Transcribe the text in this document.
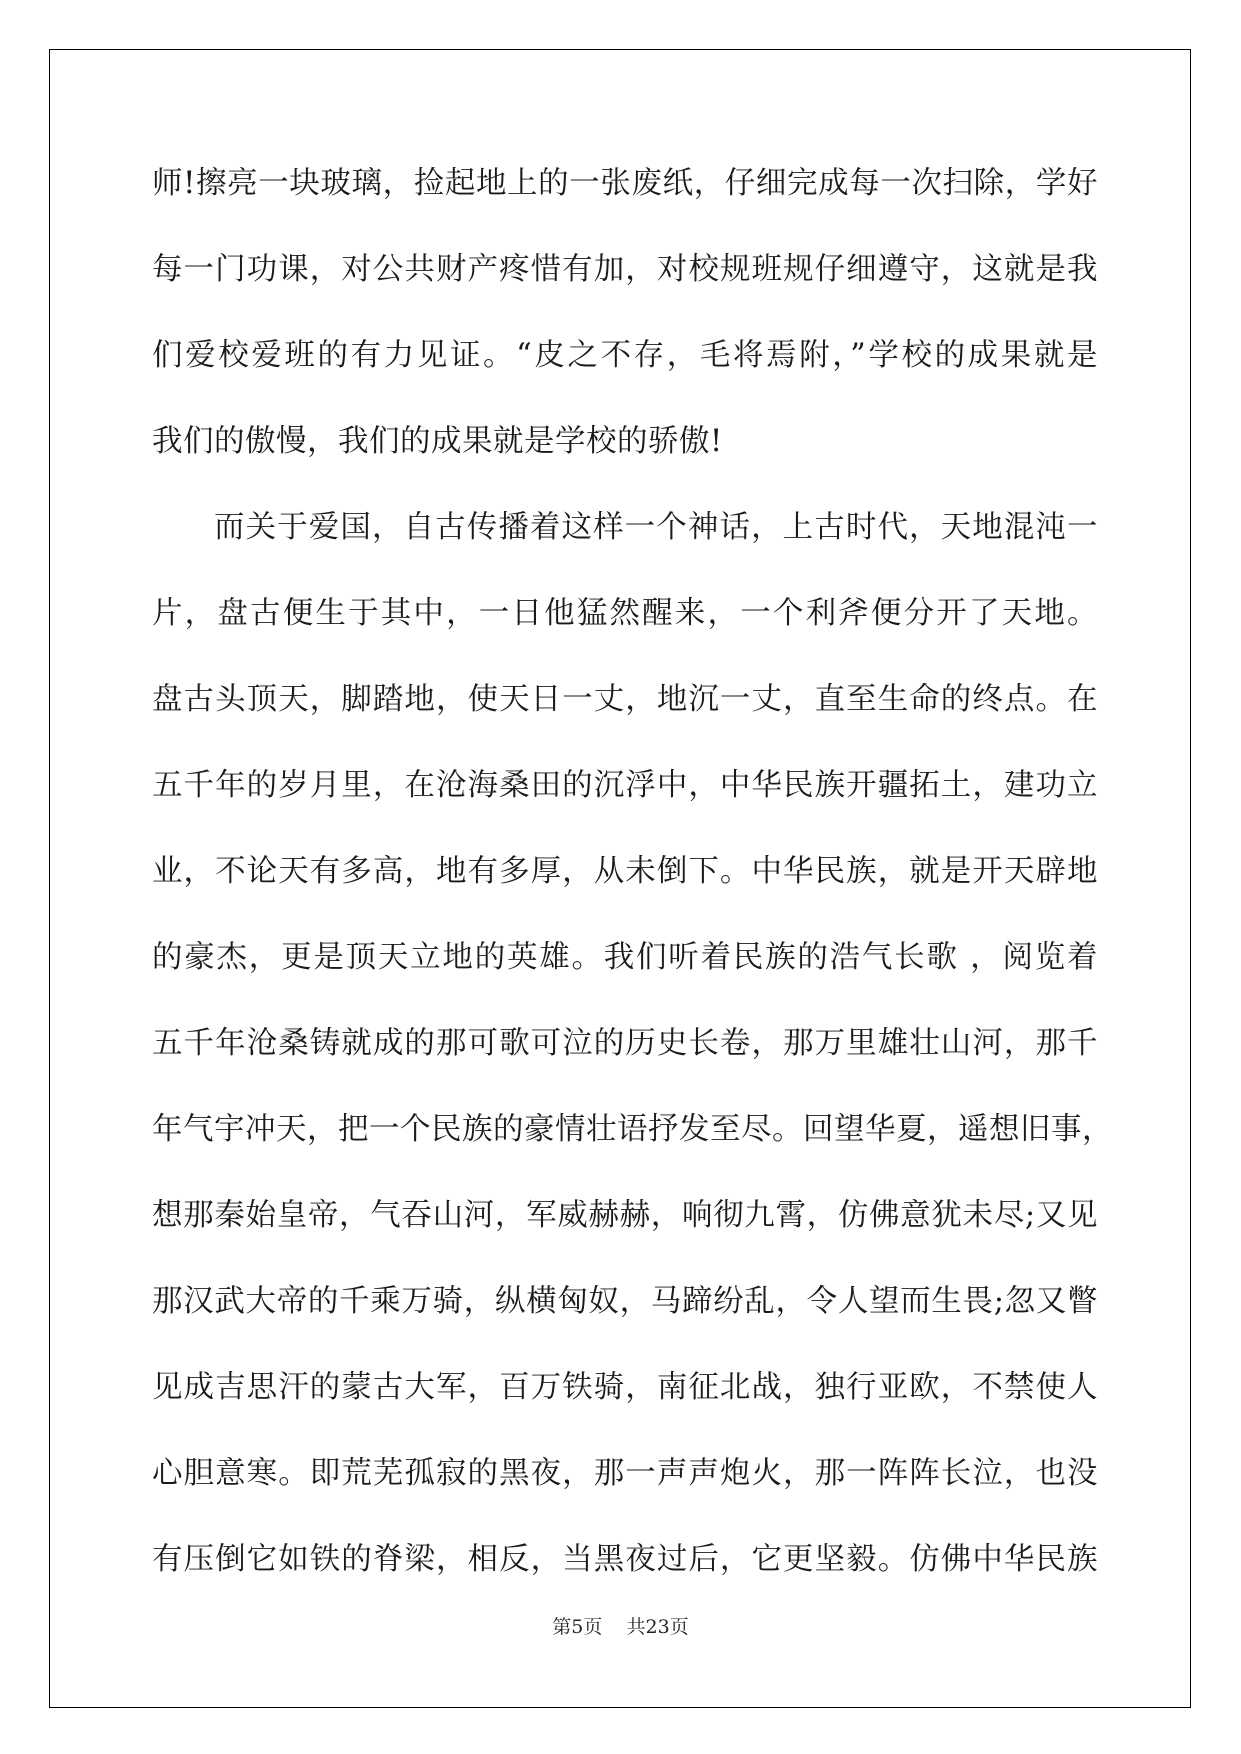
师!擦亮一块玻璃，捡起地上的一张废纸，仔细完成每一次扫除，学好
每一门功课，对公共财产疼惜有加，对校规班规仔细遵守，这就是我
们爱校爱班的有力见证。“皮之不存，毛将焉附，”学校的成果就是
我们的傲慢，我们的成果就是学校的骄傲!
而关于爱国，自古传播着这样一个神话，上古时代，天地混沌一
片，盘古便生于其中，一日他猛然醒来，一个利斧便分开了天地。
盘古头顶天，脚踏地，使天日一丈，地沉一丈，直至生命的终点。在
五千年的岁月里，在沧海桑田的沉浮中，中华民族开疆拓土，建功立
业，不论天有多高，地有多厚，从未倒下。中华民族，就是开天辟地
的豪杰，更是顶天立地的英雄。我们听着民族的浩气长歌 ，阅览着
五千年沧桑铸就成的那可歌可泣的历史长卷，那万里雄壮山河，那千
年气宇冲天，把一个民族的豪情壮语抒发至尽。回望华夏，遥想旧事，
想那秦始皇帝，气吞山河，军威赫赫，响彻九霄，仿佛意犹未尽;又见
那汉武大帝的千乘万骑，纵横匈奴，马蹄纷乱，令人望而生畏;忽又瞥
见成吉思汗的蒙古大军，百万铁骑，南征北战，独行亚欧，不禁使人
心胆意寒。即荒芜孤寂的黑夜，那一声声炮火，那一阵阵长泣，也没
有压倒它如铁的脊梁，相反，当黑夜过后，它更坚毅。仿佛中华民族
第5页    共23页
